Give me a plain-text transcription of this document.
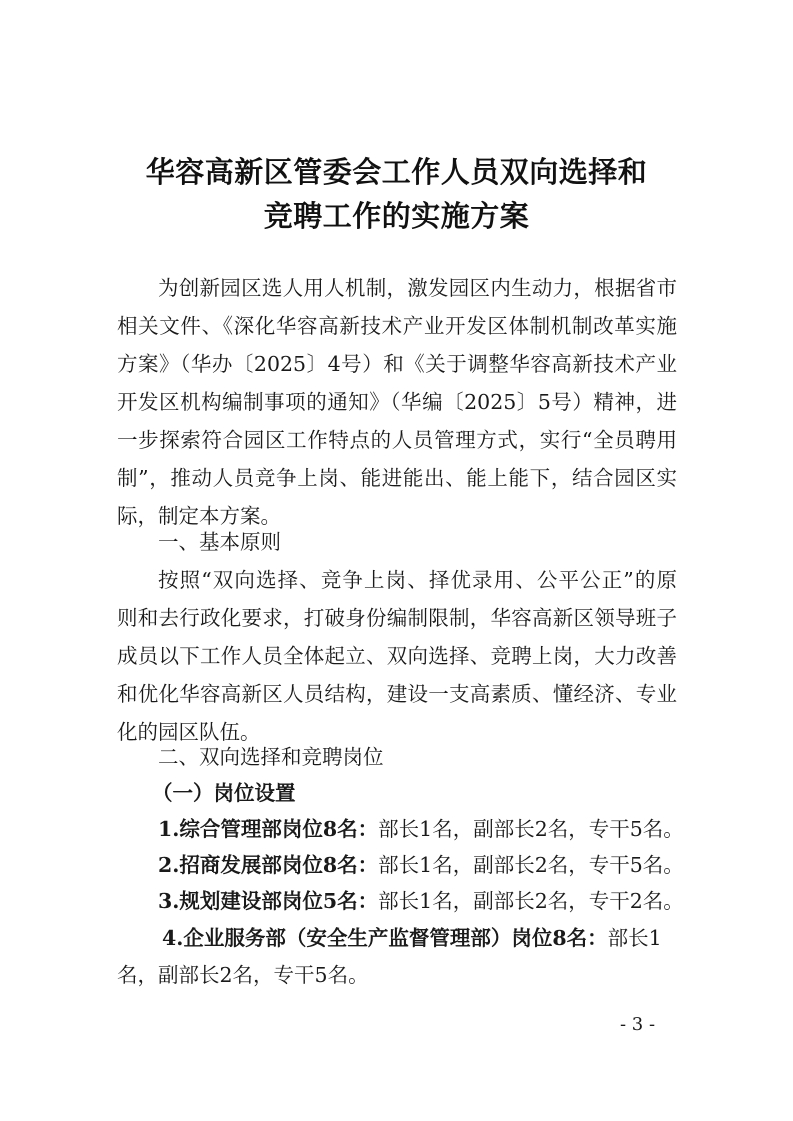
华容高新区管委会工作人员双向选择和
竞聘工作的实施方案
为创新园区选人用人机制，激发园区内生动力，根据省市
相关文件、《深化华容高新技术产业开发区体制机制改革实施
方案》（华办〔2025〕4号）和《关于调整华容高新技术产业
开发区机构编制事项的通知》（华编〔2025〕5号）精神，进
一步探索符合园区工作特点的人员管理方式，实行“全员聘用
制”，推动人员竞争上岗、能进能出、能上能下，结合园区实
际，制定本方案。
一、基本原则
按照“双向选择、竞争上岗、择优录用、公平公正”的原
则和去行政化要求，打破身份编制限制，华容高新区领导班子
成员以下工作人员全体起立、双向选择、竞聘上岗，大力改善
和优化华容高新区人员结构，建设一支高素质、懂经济、专业
化的园区队伍。
二、双向选择和竞聘岗位
（一）岗位设置
1.综合管理部岗位8名：部长1名，副部长2名，专干5名。
2.招商发展部岗位8名：部长1名，副部长2名，专干5名。
3.规划建设部岗位5名：部长1名，副部长2名，专干2名。
4.企业服务部（安全生产监督管理部）岗位8名：部长1
名，副部长2名，专干5名。
- 3 -
